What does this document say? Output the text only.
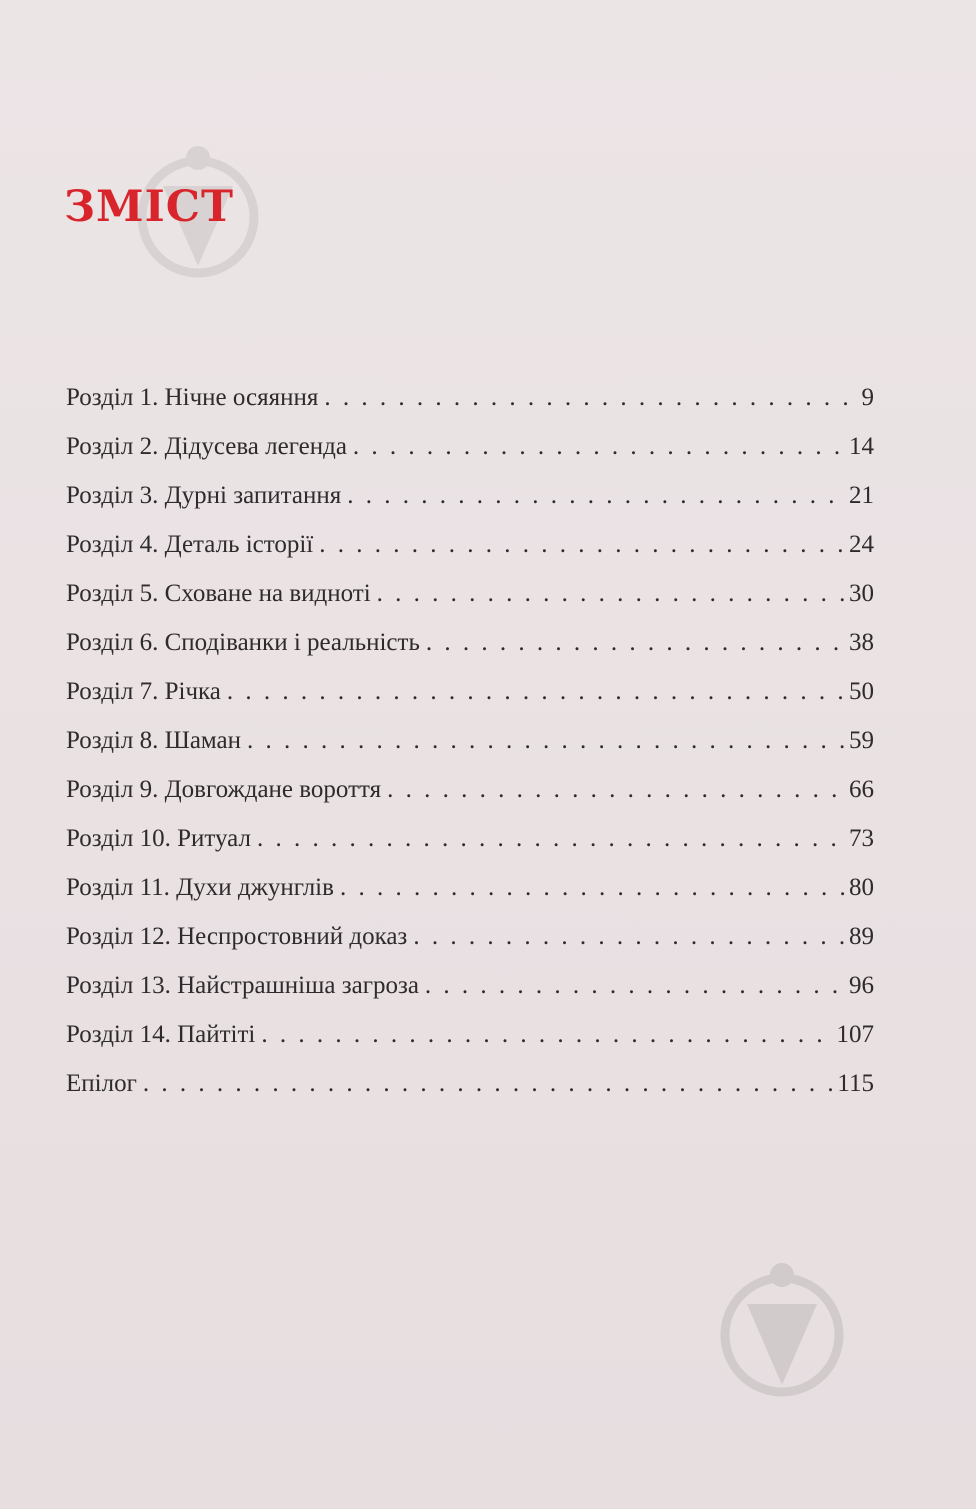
ЗМІСТ
Розділ 1. Нічне осяяння . . .	9
Розділ 2. Дідусева легенда . . .	14
Розділ 3. Дурні запитання . . .	21
Розділ 4. Деталь історії . . .	24
Розділ 5. Сховане на видноті . . .	30
Розділ 6. Сподіванки і реальність . . .	38
Розділ 7. Річка . . .	50
Розділ 8. Шаман . . .	59
Розділ 9. Довгождане вороття . . .	66
Розділ 10. Ритуал . . .	73
Розділ 11. Духи джунглів . . .	80
Розділ 12. Неспростовний доказ . . .	89
Розділ 13. Найстрашніша загроза . . .	96
Розділ 14. Пайтіті . . .	107
Епілог . . .	115
